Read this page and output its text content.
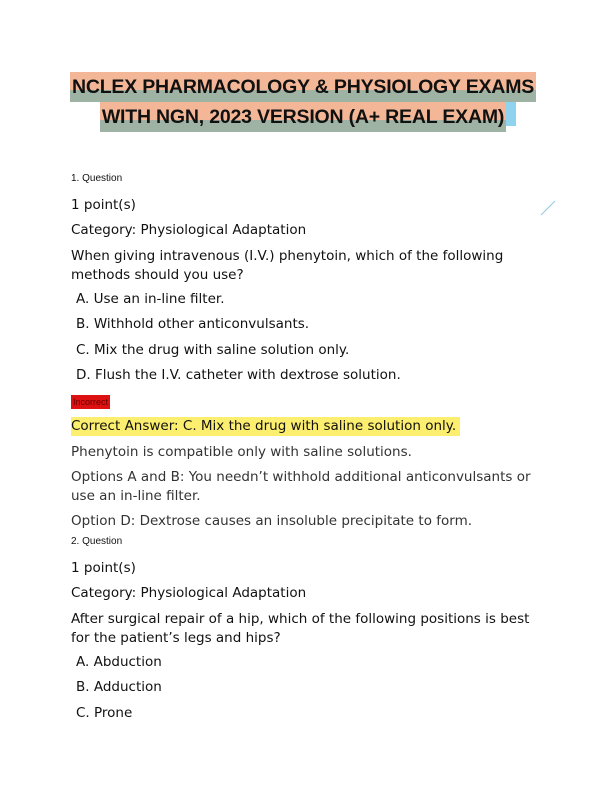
NCLEX PHARMACOLOGY & PHYSIOLOGY EXAMS
WITH NGN, 2023 VERSION (A+ REAL EXAM)
1. Question
1 point(s)
Category: Physiological Adaptation
When giving intravenous (I.V.) phenytoin, which of the following methods should you use?
A. Use an in-line filter.
B. Withhold other anticonvulsants.
C. Mix the drug with saline solution only.
D. Flush the I.V. catheter with dextrose solution.
Incorrect
Correct Answer: C. Mix the drug with saline solution only.
Phenytoin is compatible only with saline solutions.
Options A and B: You needn’t withhold additional anticonvulsants or use an in-line filter.
Option D: Dextrose causes an insoluble precipitate to form.
2. Question
1 point(s)
Category: Physiological Adaptation
After surgical repair of a hip, which of the following positions is best for the patient’s legs and hips?
A. Abduction
B. Adduction
C. Prone
